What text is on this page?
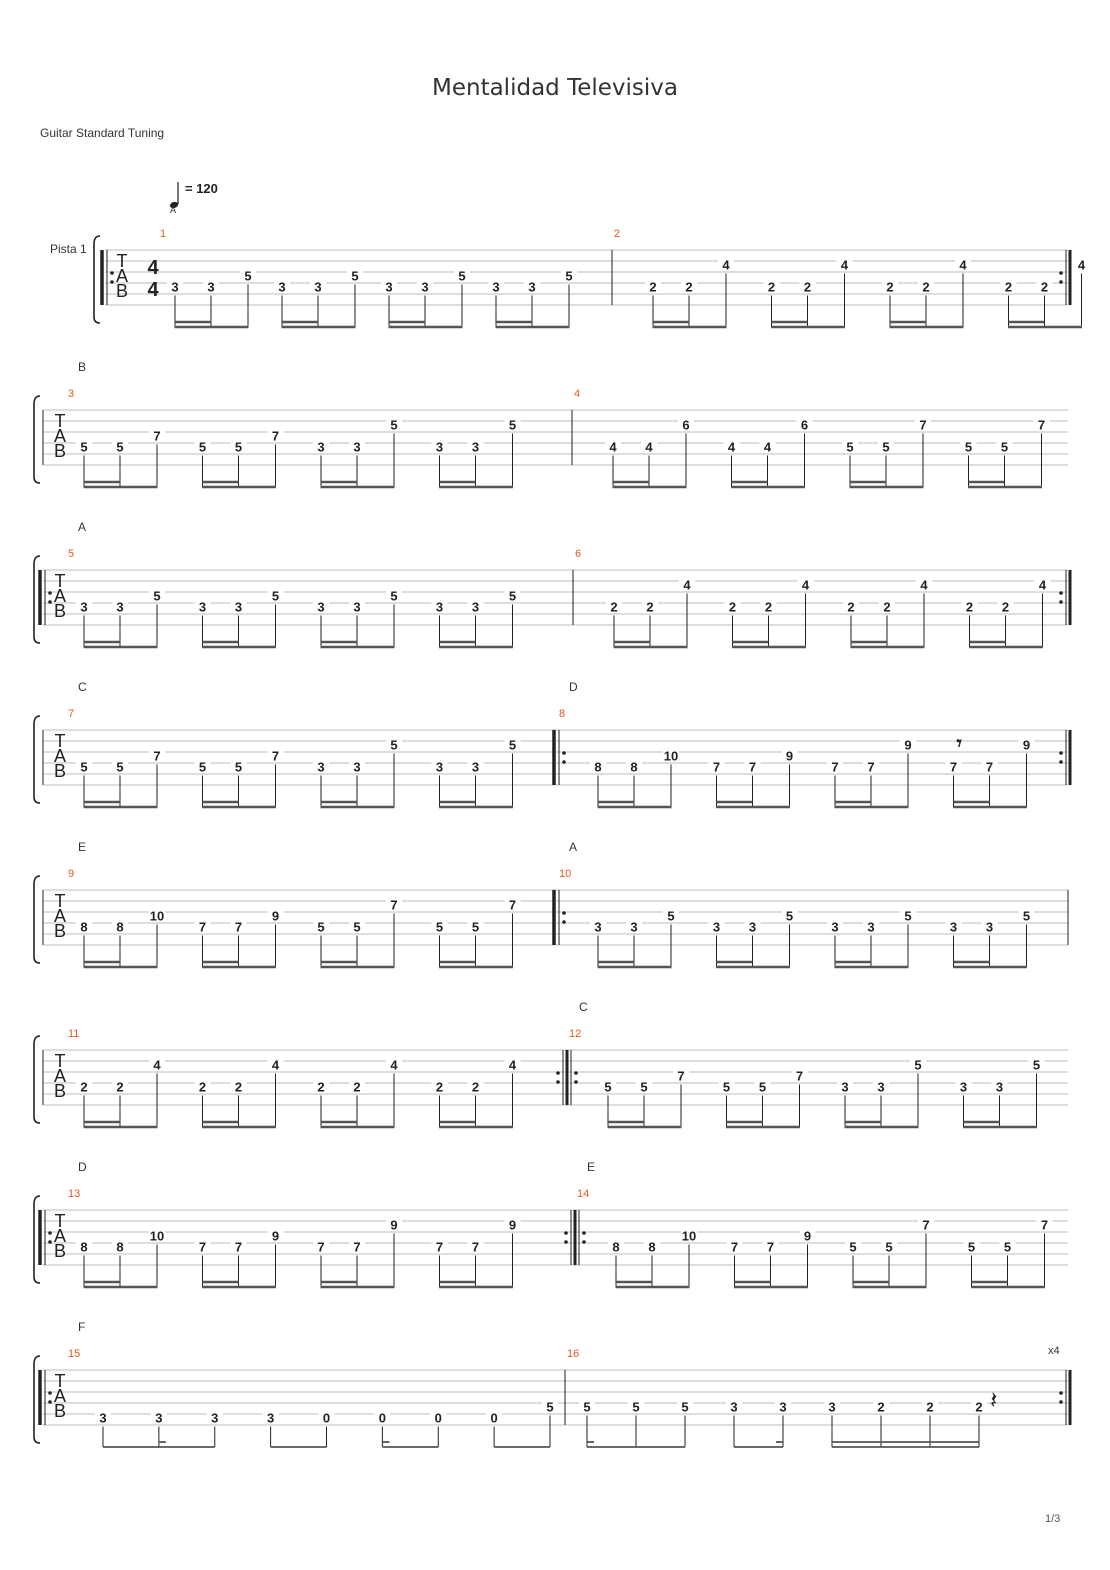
Mentalidad Televisiva
Guitar Standard Tuning
= 120
A
Pista 1
x4
1/3
T
A
B
4
4
1
3 3
5
3 3
5
3 3
5
3 3
5
2
2 2
4
2 2
4
2 2
4
2 2
4
T
A
B
3
B
5 5
7
5 5
7
3 3
5
3 3
5
4
4 4
6
4 4
6
5 5
7
5 5
7
T
A
B
5
A
3 3
5
3 3
5
3 3
5
3 3
5
6
2 2
4
2 2
4
2 2
4
2 2
4
T
A
B
7
C
5 5
7
5 5
7
3 3
5
3 3
5
8
D
8 8
10
7 7
9
7 7
9 𝄾
7 7
9
T
A
B
9
E
8 8
10
7 7
9
5 5
7
5 5
7
10
A
3 3
5
3 3
5
3 3
5
3 3
5
T
A
B
11
2 2
4
2 2
4
2 2
4
2 2
4
12
C
5 5
7
5 5
7
3 3
5
3 3
5
T
A
B
13
D
8 8
10
7 7
9
7 7
9
7 7
9
14
E
8 8
10
7 7
9
5 5
7
5 5
7
T
A
B
15
F
3	3	3	3	0	0	0	0
5
16
5	5	5	3	3	3	2	2	2 𝄽
